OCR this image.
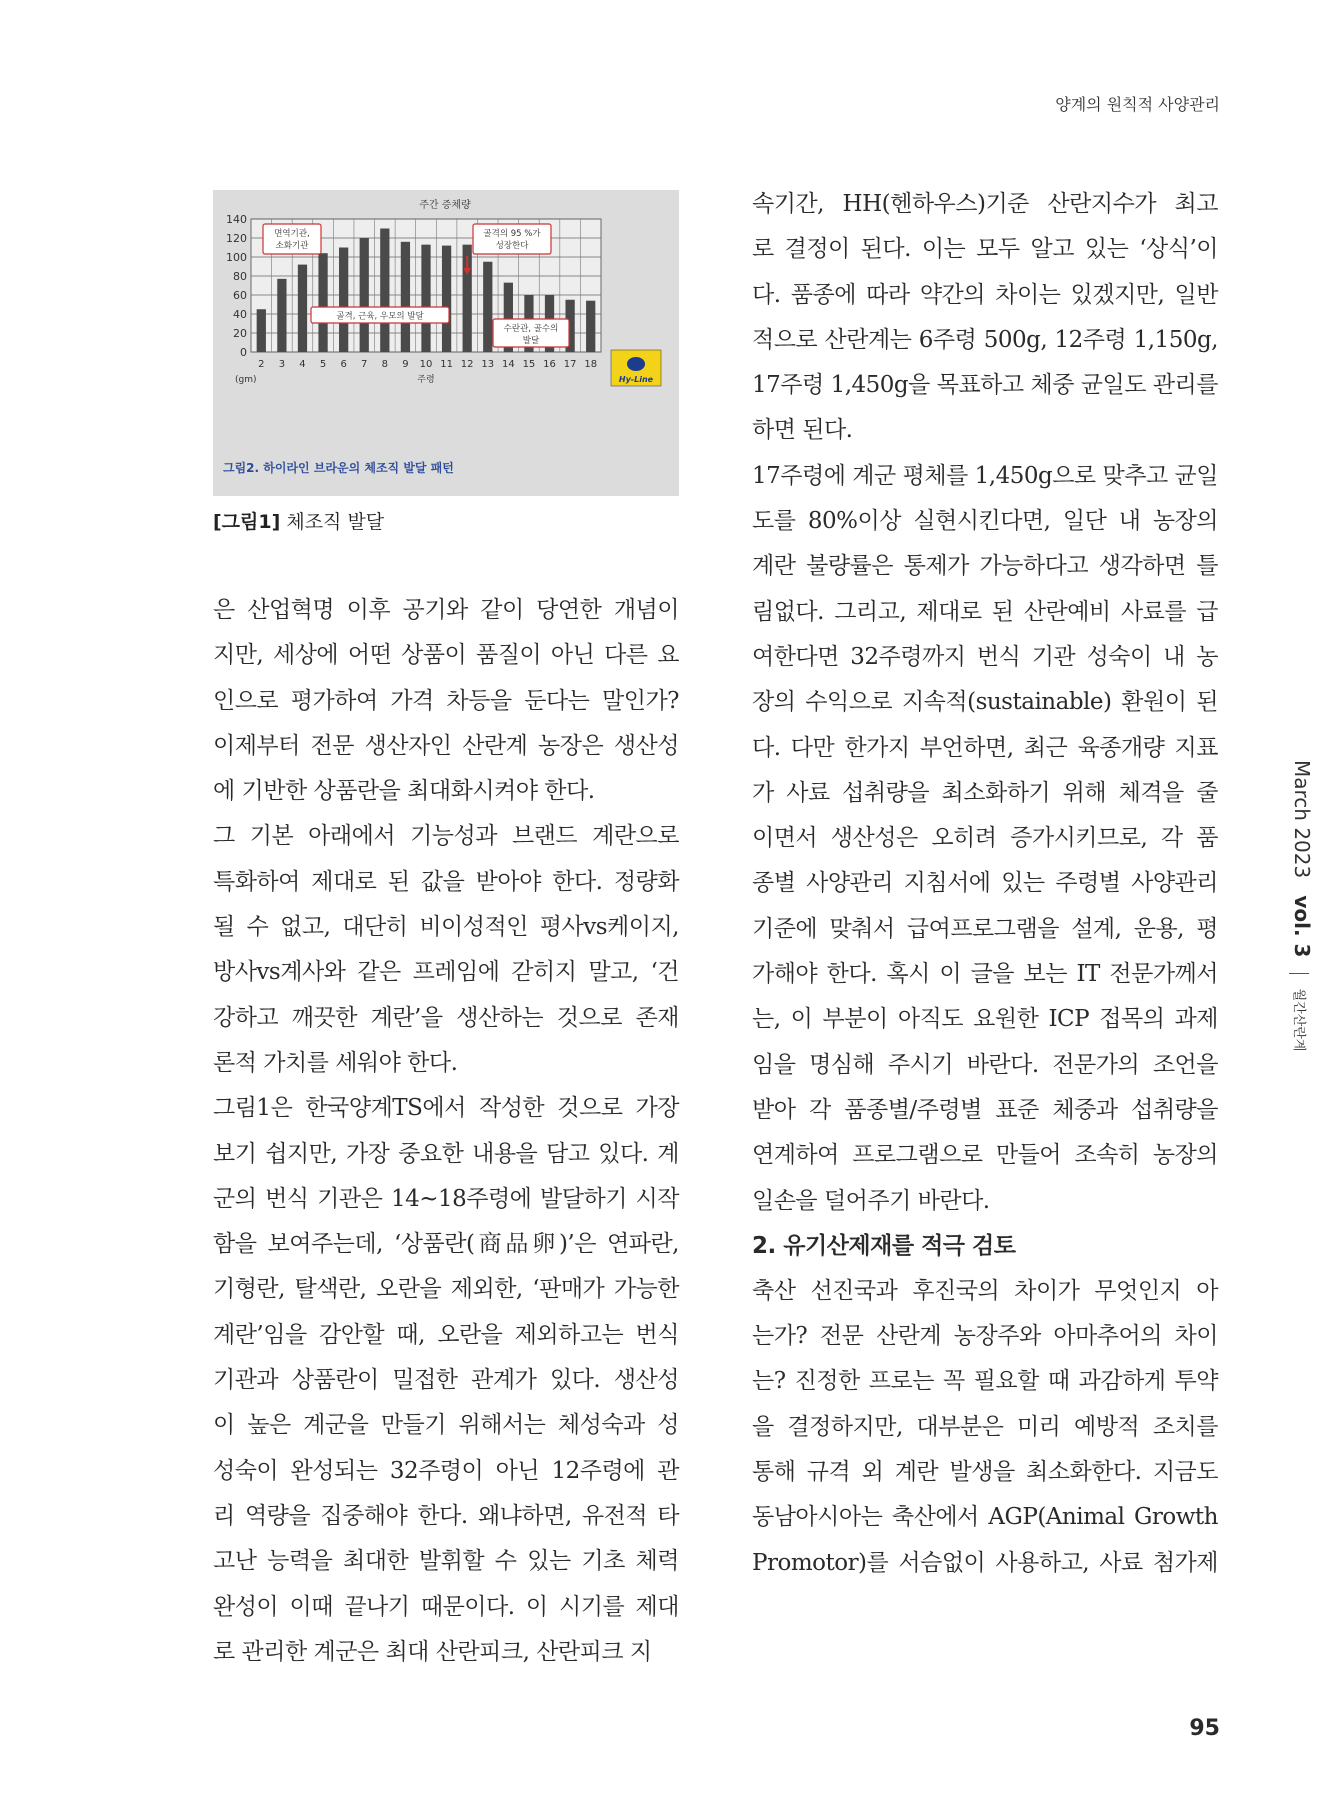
양계의 원칙적 사양관리
주간 증체량
0
20
40
60
80
100
120
140
2 3 4 5 6 7 8 9 10 11 12 13 14 15 16 17 18
(gm)	주령
면역기관,
소화기관
골격의 95 %가
성장한다
골격, 근육, 우모의 발달
수란관, 골수의
발달
Hy-Line
그림2. 하이라인 브라운의 체조직 발달 패턴
[그림1] 체조직 발달

은 산업혁명 이후 공기와 같이 당연한 개념이
지만, 세상에 어떤 상품이 품질이 아닌 다른 요
인으로 평가하여 가격 차등을 둔다는 말인가?
이제부터 전문 생산자인 산란계 농장은 생산성
에 기반한 상품란을 최대화시켜야 한다.
그 기본 아래에서 기능성과 브랜드 계란으로
특화하여 제대로 된 값을 받아야 한다. 정량화
될 수 없고, 대단히 비이성적인 평사vs케이지,
방사vs계사와 같은 프레임에 갇히지 말고, ‘건
강하고 깨끗한 계란’을 생산하는 것으로 존재
론적 가치를 세워야 한다.
그림1은 한국양계TS에서 작성한 것으로 가장
보기 쉽지만, 가장 중요한 내용을 담고 있다. 계
군의 번식 기관은 14~18주령에 발달하기 시작
함을 보여주는데, ‘상품란(商品卵)’은 연파란,
기형란, 탈색란, 오란을 제외한, ‘판매가 가능한
계란’임을 감안할 때, 오란을 제외하고는 번식
기관과 상품란이 밀접한 관계가 있다. 생산성
이 높은 계군을 만들기 위해서는 체성숙과 성
성숙이 완성되는 32주령이 아닌 12주령에 관
리 역량을 집중해야 한다. 왜냐하면, 유전적 타
고난 능력을 최대한 발휘할 수 있는 기초 체력
완성이 이때 끝나기 때문이다. 이 시기를 제대
로 관리한 계군은 최대 산란피크, 산란피크 지

속기간, HH(헨하우스)기준 산란지수가 최고
로 결정이 된다. 이는 모두 알고 있는 ‘상식’이
다. 품종에 따라 약간의 차이는 있겠지만, 일반
적으로 산란계는 6주령 500g, 12주령 1,150g,
17주령 1,450g을 목표하고 체중 균일도 관리를
하면 된다.

17주령에 계군 평체를 1,450g으로 맞추고 균일
도를 80%이상 실현시킨다면, 일단 내 농장의
계란 불량률은 통제가 가능하다고 생각하면 틀
림없다. 그리고, 제대로 된 산란예비 사료를 급
여한다면 32주령까지 번식 기관 성숙이 내 농
장의 수익으로 지속적(sustainable) 환원이 된
다. 다만 한가지 부언하면, 최근 육종개량 지표
가 사료 섭취량을 최소화하기 위해 체격을 줄
이면서 생산성은 오히려 증가시키므로, 각 품
종별 사양관리 지침서에 있는 주령별 사양관리
기준에 맞춰서 급여프로그램을 설계, 운용, 평
가해야 한다. 혹시 이 글을 보는 IT 전문가께서
는, 이 부분이 아직도 요원한 ICP 접목의 과제
임을 명심해 주시기 바란다. 전문가의 조언을
받아 각 품종별/주령별 표준 체중과 섭취량을
연계하여 프로그램으로 만들어 조속히 농장의
일손을 덜어주기 바란다.

2. 유기산제재를 적극 검토

축산 선진국과 후진국의 차이가 무엇인지 아
는가? 전문 산란계 농장주와 아마추어의 차이
는? 진정한 프로는 꼭 필요할 때 과감하게 투약
을 결정하지만, 대부분은 미리 예방적 조치를
통해 규격 외 계란 발생을 최소화한다. 지금도
동남아시아는 축산에서 AGP(Animal Growth
Promotor)를 서슴없이 사용하고, 사료 첨가제

March 2023 vol. 3  월간산란계
95
